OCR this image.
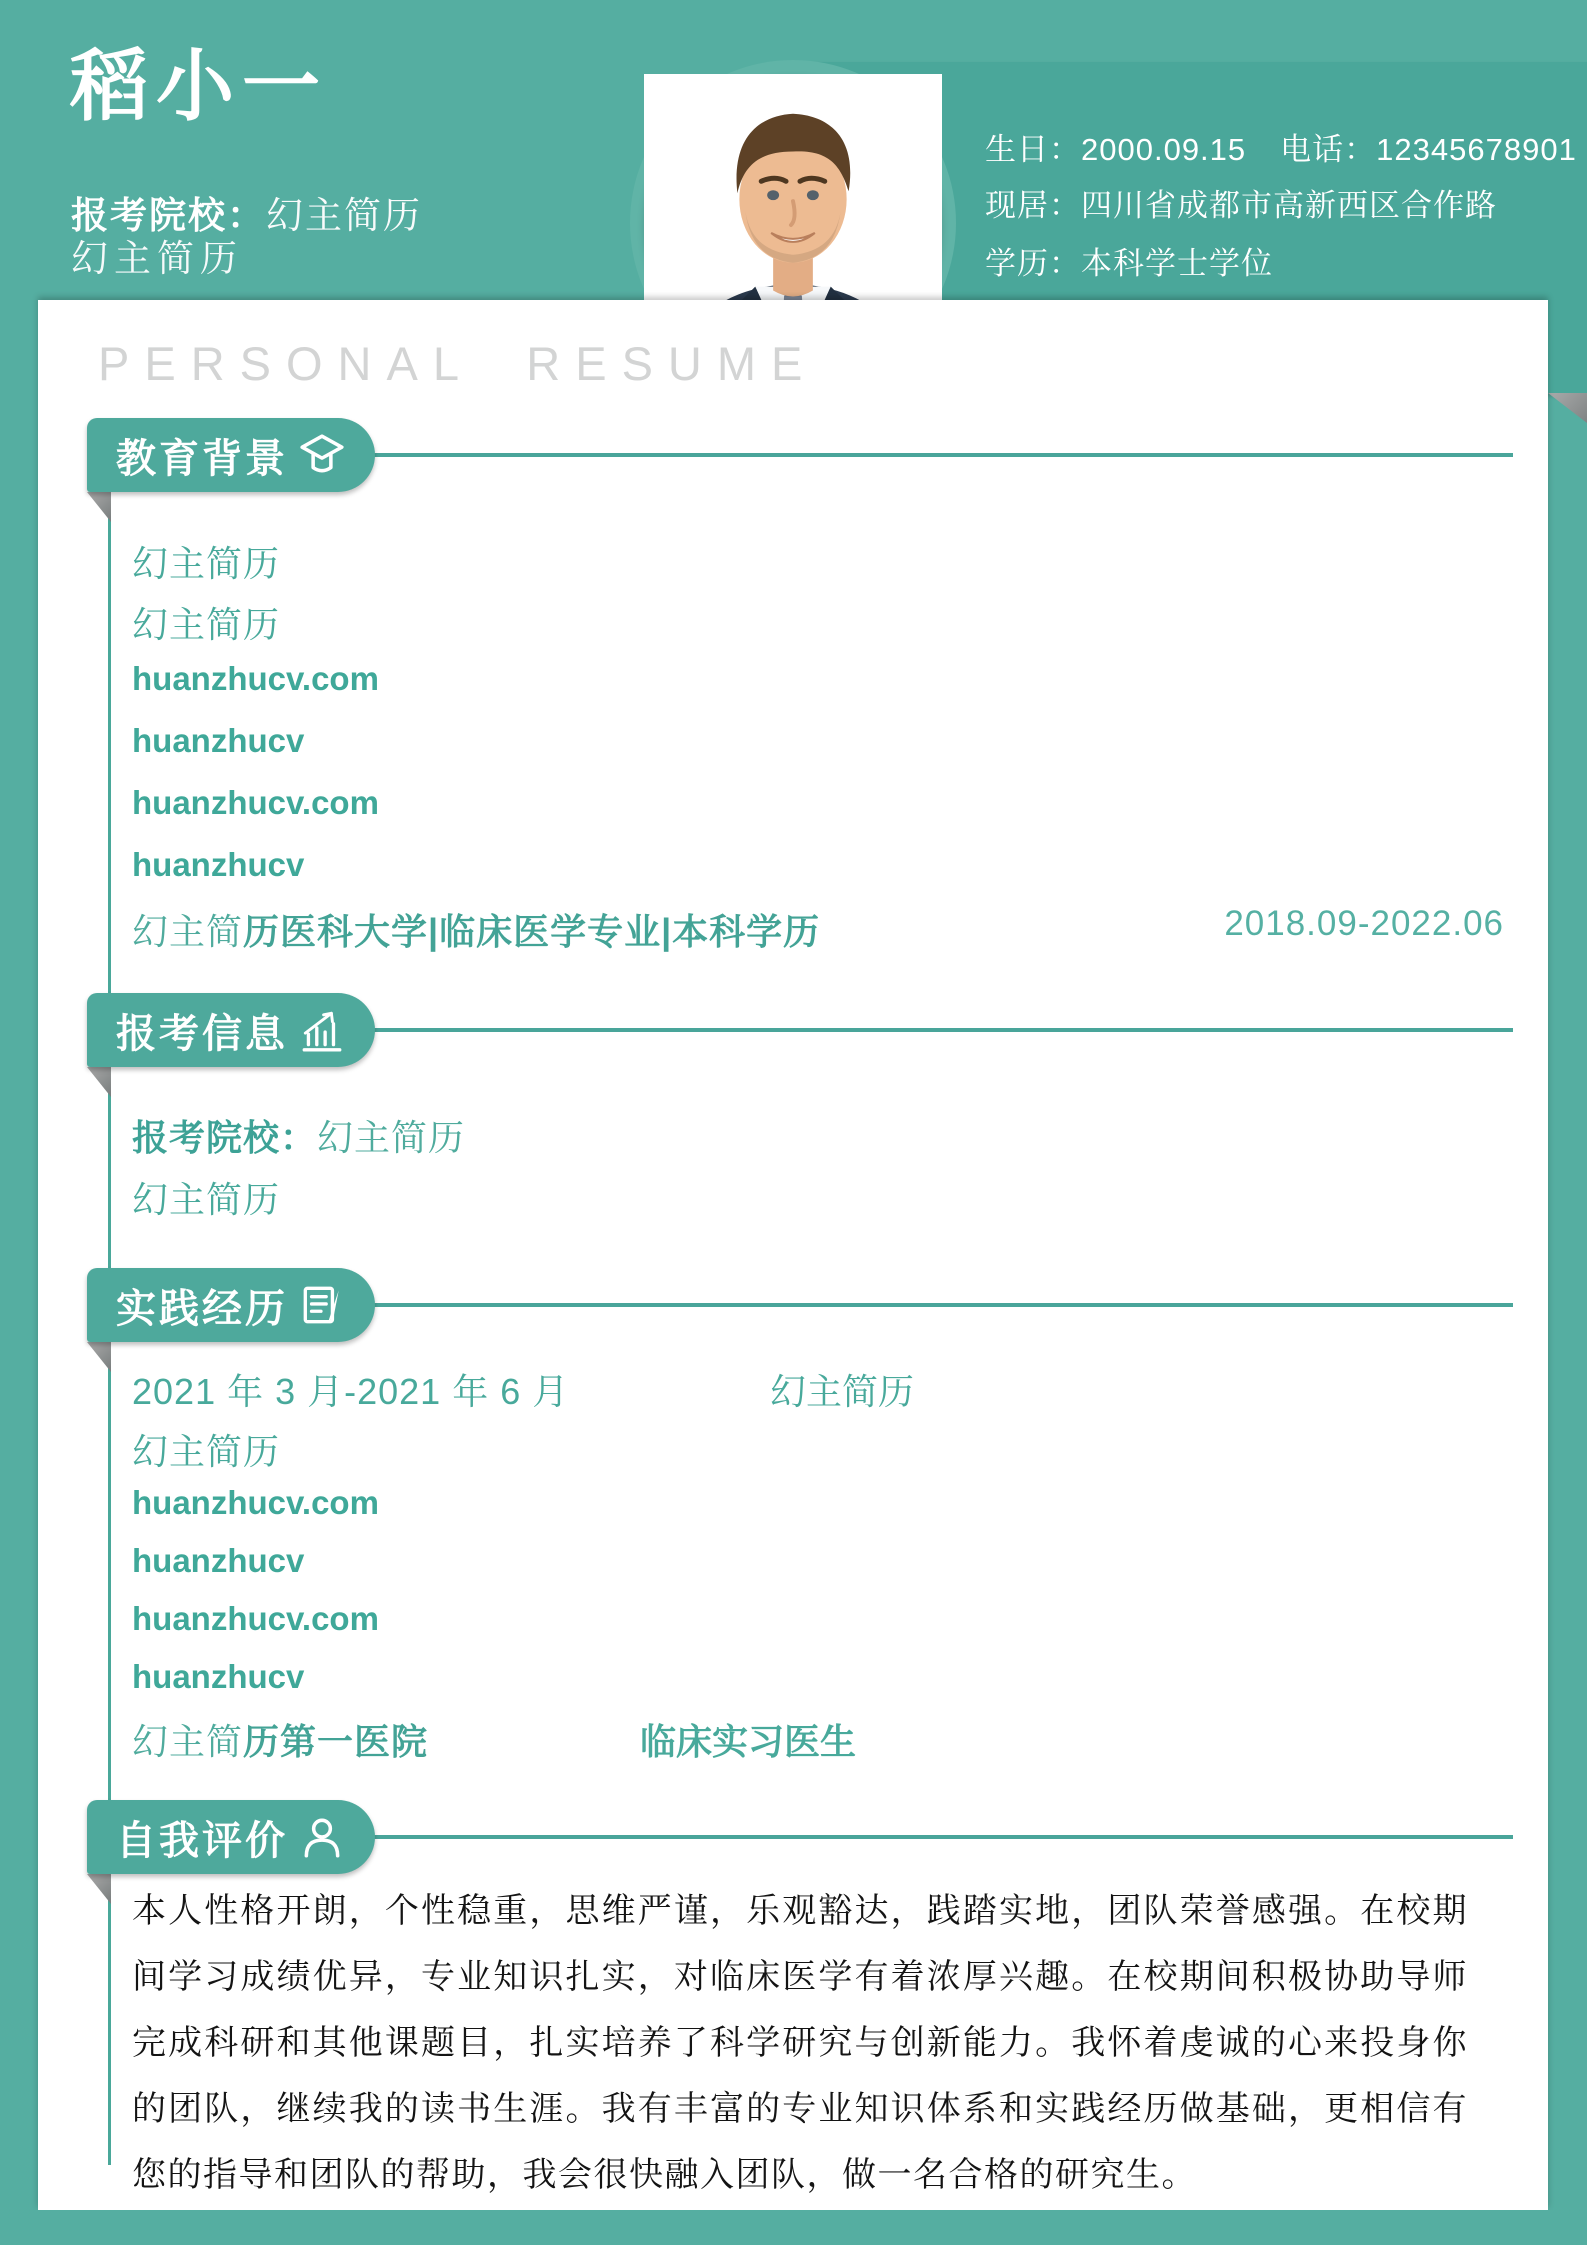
稻小一
报考院校：幻主简历
幻主简历
生日：2000.09.15 电话：12345678901
现居：四川省成都市高新西区合作路
学历：本科学士学位
PERSONAL RESUME
教育背景
幻主简历
幻主简历
huanzhucv.com
huanzhucv
huanzhucv.com
huanzhucv
幻主简历医科大学|临床医学专业|本科学历	2018.09-2022.06
报考信息
报考院校：幻主简历
幻主简历
实践经历
2021 年 3 月-2021 年 6 月	幻主简历
幻主简历
huanzhucv.com
huanzhucv
huanzhucv.com
huanzhucv
幻主简历第一医院	临床实习医生
自我评价
本人性格开朗，个性稳重，思维严谨，乐观豁达，践踏实地，团队荣誉感强。在校期间学习成绩优异，专业知识扎实，对临床医学有着浓厚兴趣。在校期间积极协助导师完成科研和其他课题目，扎实培养了科学研究与创新能力。我怀着虔诚的心来投身你的团队，继续我的读书生涯。我有丰富的专业知识体系和实践经历做基础，更相信有您的指导和团队的帮助，我会很快融入团队，做一名合格的研究生。
